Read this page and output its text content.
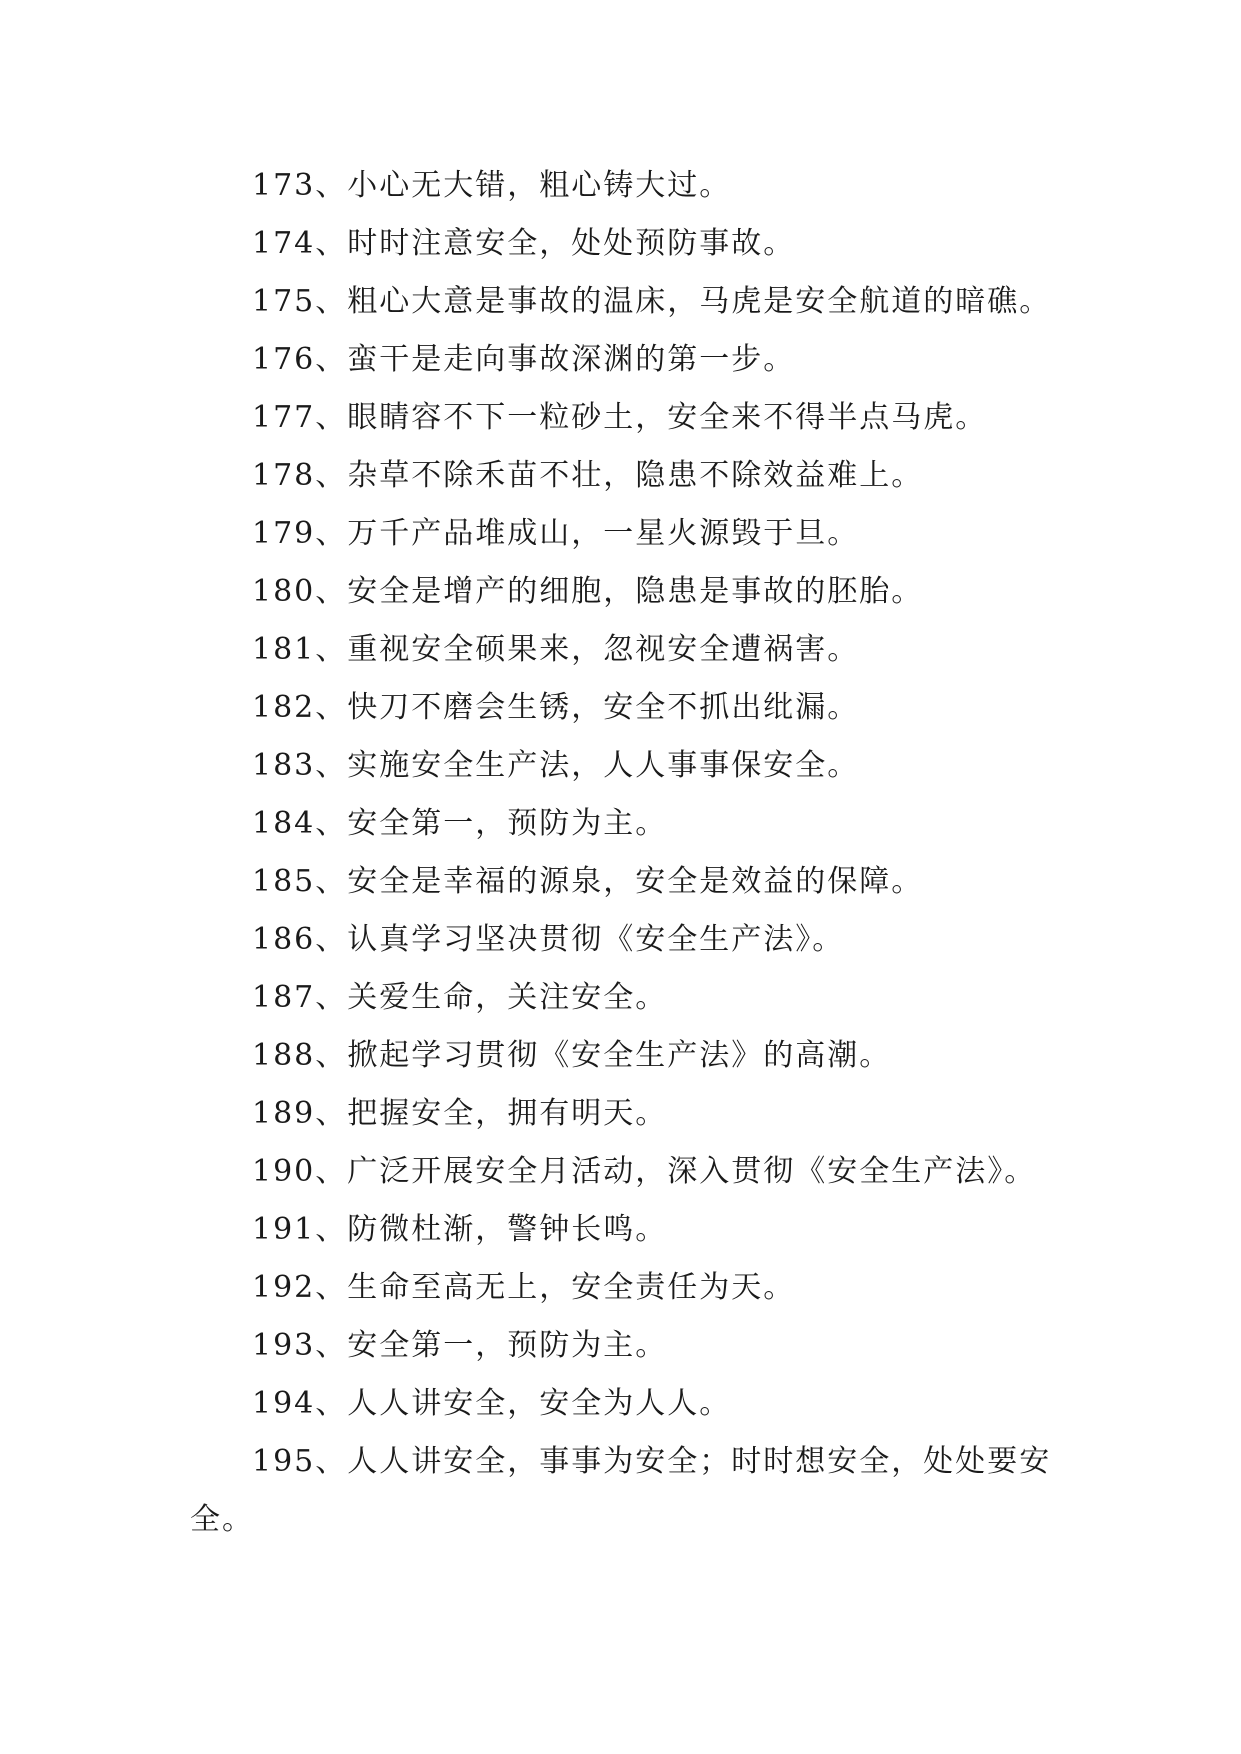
173、小心无大错，粗心铸大过。
174、时时注意安全，处处预防事故。
175、粗心大意是事故的温床，马虎是安全航道的暗礁。
176、蛮干是走向事故深渊的第一步。
177、眼睛容不下一粒砂土，安全来不得半点马虎。
178、杂草不除禾苗不壮，隐患不除效益难上。
179、万千产品堆成山，一星火源毁于旦。
180、安全是增产的细胞，隐患是事故的胚胎。
181、重视安全硕果来，忽视安全遭祸害。
182、快刀不磨会生锈，安全不抓出纰漏。
183、实施安全生产法，人人事事保安全。
184、安全第一，预防为主。
185、安全是幸福的源泉，安全是效益的保障。
186、认真学习坚决贯彻《安全生产法》。
187、关爱生命，关注安全。
188、掀起学习贯彻《安全生产法》的高潮。
189、把握安全，拥有明天。
190、广泛开展安全月活动，深入贯彻《安全生产法》。
191、防微杜渐，警钟长鸣。
192、生命至高无上，安全责任为天。
193、安全第一，预防为主。
194、人人讲安全，安全为人人。
195、人人讲安全，事事为安全；时时想安全，处处要安全。
